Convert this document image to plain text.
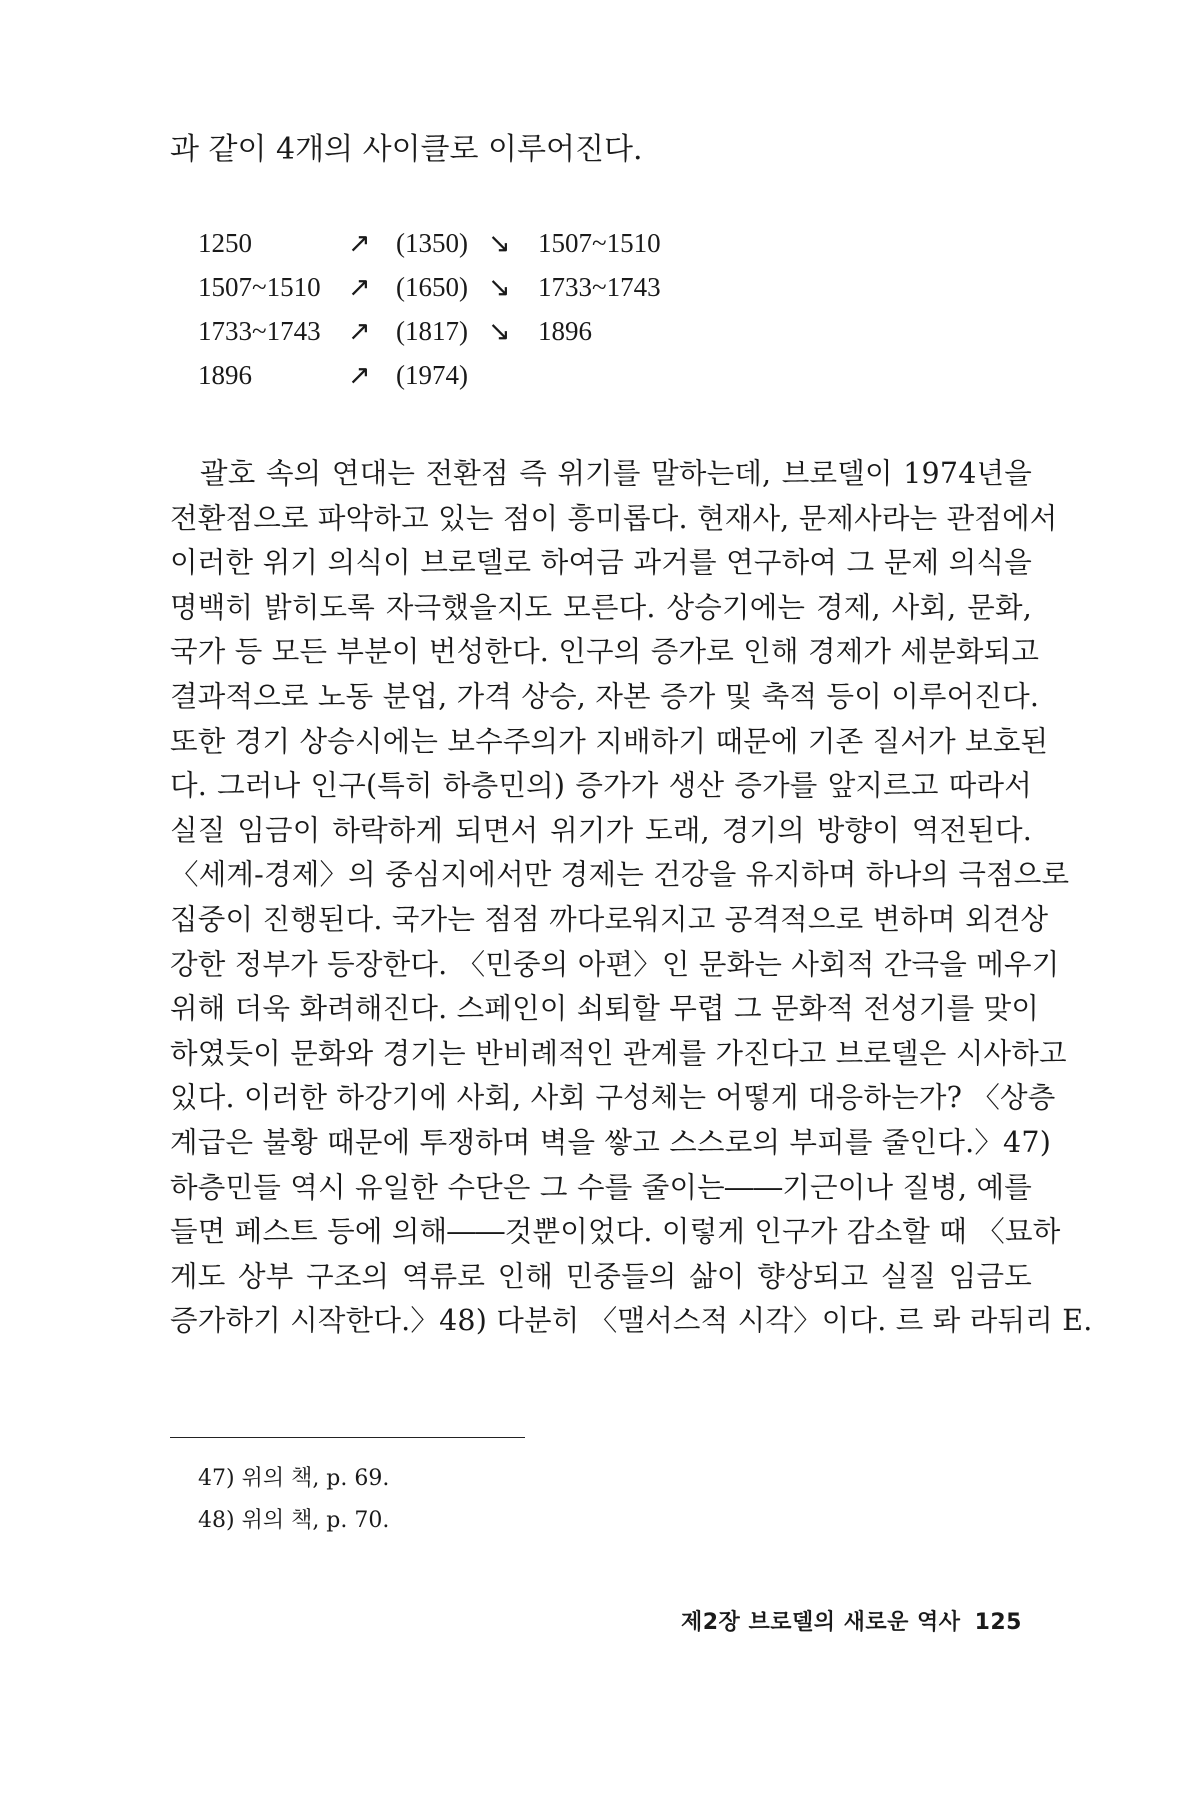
과 같이 4개의 사이클로 이루어진다.
1250	↗ (1350) ↘ 1507~1510
1507~1510 ↗ (1650) ↘ 1733~1743
1733~1743 ↗ (1817) ↘ 1896
1896	↗ (1974)
괄호 속의 연대는 전환점 즉 위기를 말하는데, 브로델이 1974년을
전환점으로 파악하고 있는 점이 흥미롭다. 현재사, 문제사라는 관점에서
이러한 위기 의식이 브로델로 하여금 과거를 연구하여 그 문제 의식을
명백히 밝히도록 자극했을지도 모른다. 상승기에는 경제, 사회, 문화,
국가 등 모든 부분이 번성한다. 인구의 증가로 인해 경제가 세분화되고
결과적으로 노동 분업, 가격 상승, 자본 증가 및 축적 등이 이루어진다.
또한 경기 상승시에는 보수주의가 지배하기 때문에 기존 질서가 보호된
다. 그러나 인구(특히 하층민의) 증가가 생산 증가를 앞지르고 따라서
실질 임금이 하락하게 되면서 위기가 도래, 경기의 방향이 역전된다.
〈세계-경제〉의 중심지에서만 경제는 건강을 유지하며 하나의 극점으로
집중이 진행된다. 국가는 점점 까다로워지고 공격적으로 변하며 외견상
강한 정부가 등장한다. 〈민중의 아편〉인 문화는 사회적 간극을 메우기
위해 더욱 화려해진다. 스페인이 쇠퇴할 무렵 그 문화적 전성기를 맞이
하였듯이 문화와 경기는 반비례적인 관계를 가진다고 브로델은 시사하고
있다. 이러한 하강기에 사회, 사회 구성체는 어떻게 대응하는가? 〈상층
계급은 불황 때문에 투쟁하며 벽을 쌓고 스스로의 부피를 줄인다.〉47)
하층민들 역시 유일한 수단은 그 수를 줄이는――기근이나 질병, 예를
들면 페스트 등에 의해――것뿐이었다. 이렇게 인구가 감소할 때 〈묘하
게도 상부 구조의 역류로 인해 민중들의 삶이 향상되고 실질 임금도
증가하기 시작한다.〉48) 다분히 〈맬서스적 시각〉이다. 르 롸 라뒤리 E.
47) 위의 책, p. 69.
48) 위의 책, p. 70.
제2장 브로델의 새로운 역사 125
